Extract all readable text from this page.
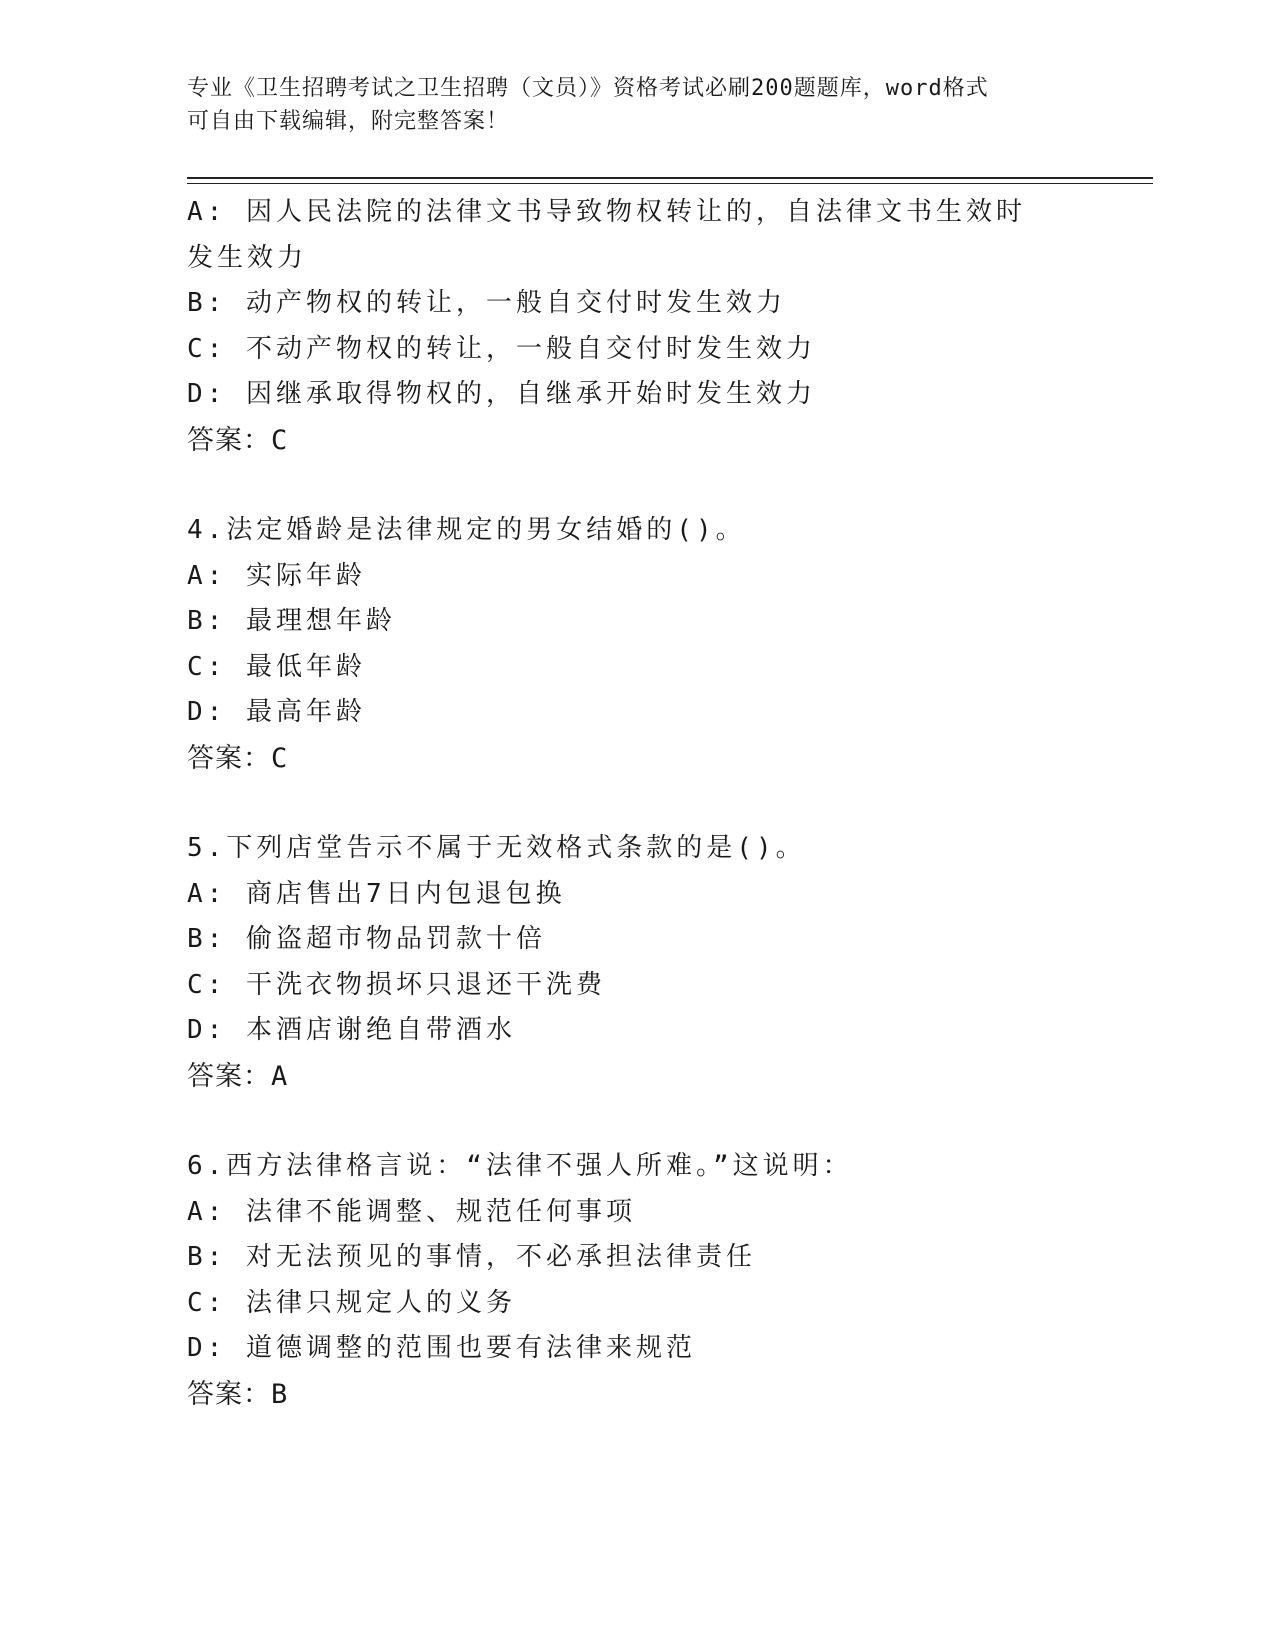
专业《卫生招聘考试之卫生招聘（文员）》资格考试必刷200题题库，word格式
可自由下载编辑，附完整答案！
A: 因人民法院的法律文书导致物权转让的，自法律文书生效时发生效力
B: 动产物权的转让，一般自交付时发生效力
C: 不动产物权的转让，一般自交付时发生效力
D: 因继承取得物权的，自继承开始时发生效力
答案：C
4.法定婚龄是法律规定的男女结婚的()。
A: 实际年龄
B: 最理想年龄
C: 最低年龄
D: 最高年龄
答案：C
5.下列店堂告示不属于无效格式条款的是()。
A: 商店售出7日内包退包换
B: 偷盗超市物品罚款十倍
C: 干洗衣物损坏只退还干洗费
D: 本酒店谢绝自带酒水
答案：A
6.西方法律格言说：“法律不强人所难。”这说明：
A: 法律不能调整、规范任何事项
B: 对无法预见的事情，不必承担法律责任
C: 法律只规定人的义务
D: 道德调整的范围也要有法律来规范
答案：B
